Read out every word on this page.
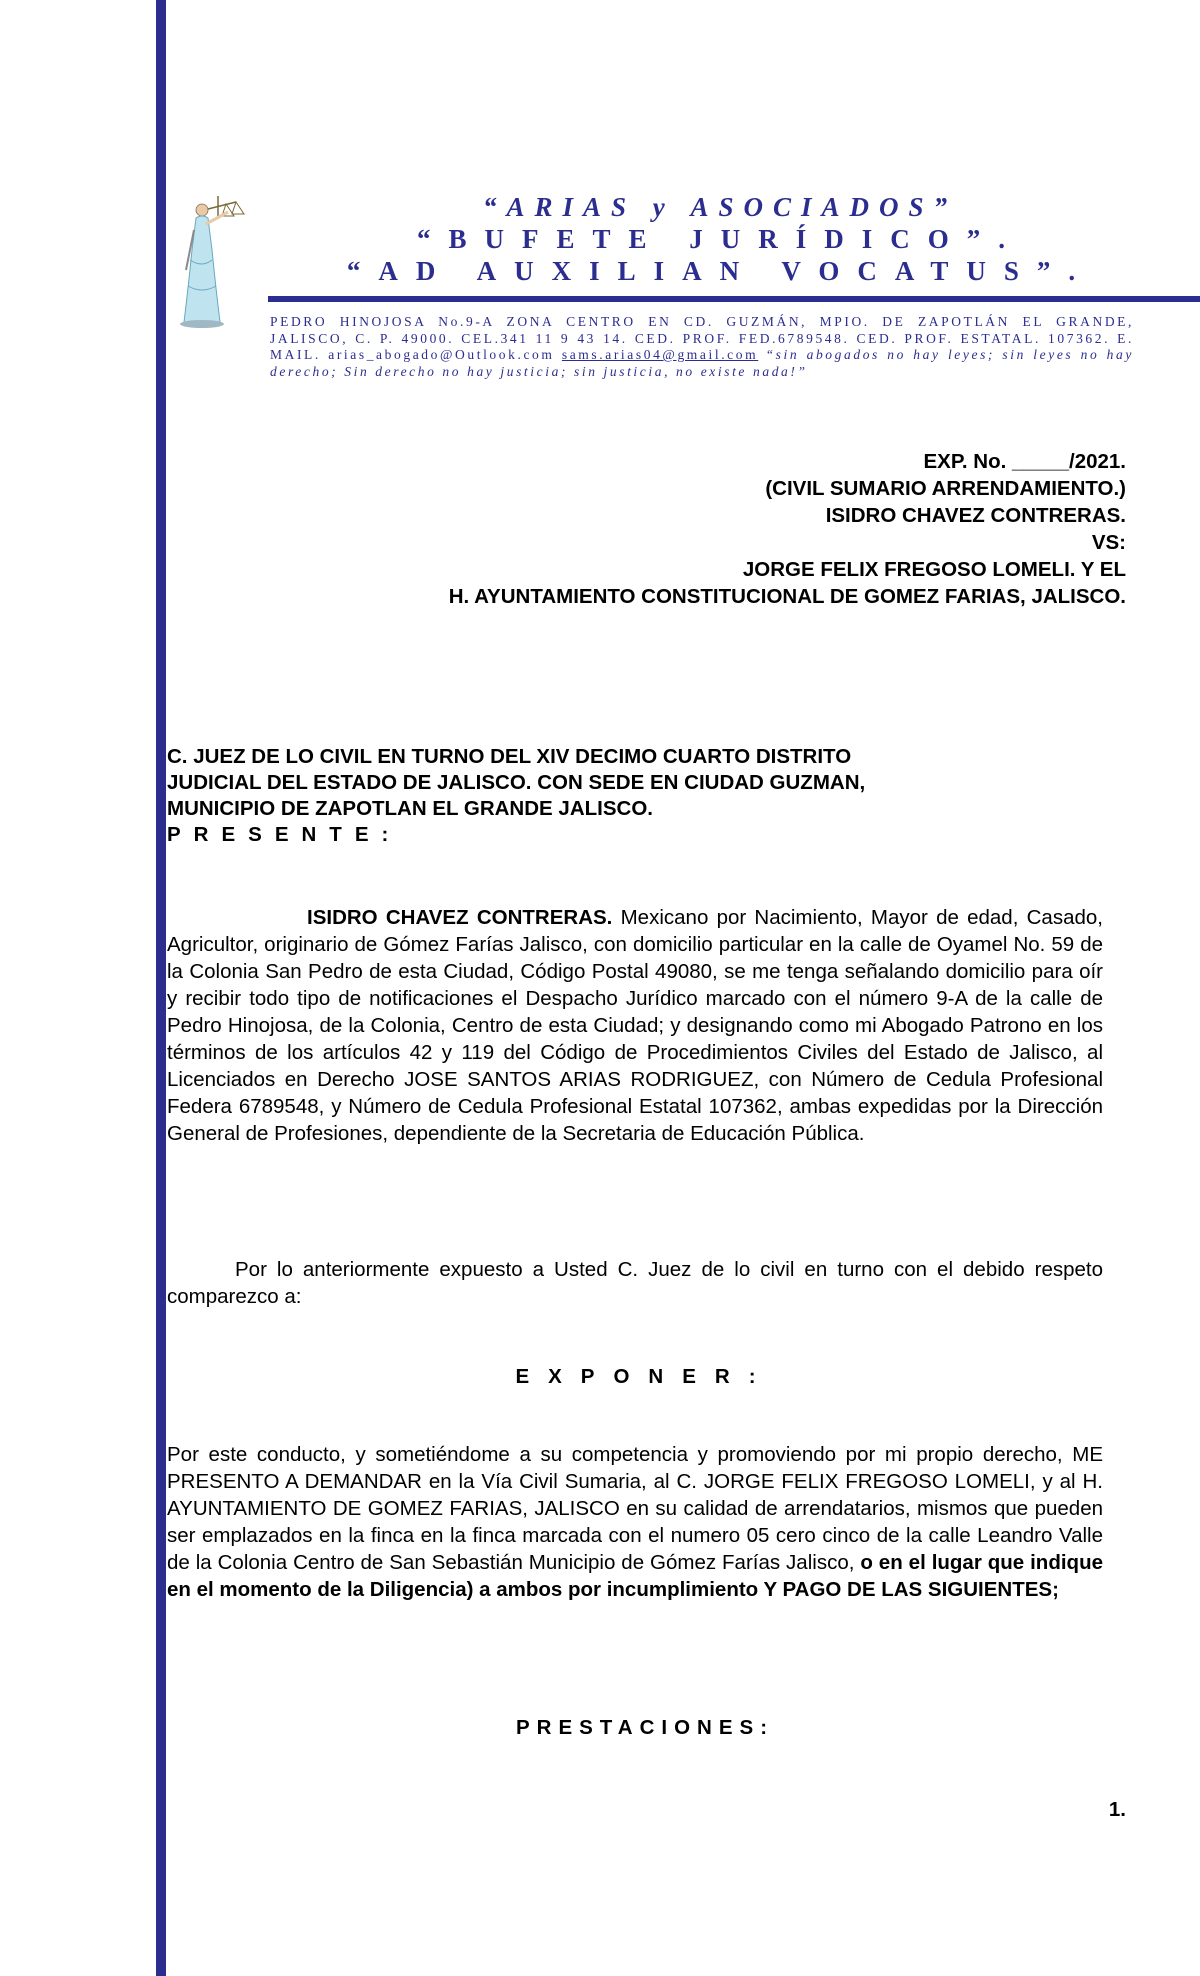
“ARIAS y ASOCIADOS”
“BUFETE JURÍDICO”.
“AD AUXILIAN VOCATUS”.
PEDRO HINOJOSA No.9-A ZONA CENTRO EN CD. GUZMÁN, MPIO. DE ZAPOTLÁN EL GRANDE, JALISCO, C. P. 49000. CEL.341 11 9 43 14. CED. PROF. FED.6789548. CED. PROF. ESTATAL. 107362. E. MAIL. arias_abogado@Outlook.com sams.arias04@gmail.com “sin abogados no hay leyes; sin leyes no hay derecho; Sin derecho no hay justicia; sin justicia, no existe nada!”
EXP. No. _____/2021.
(CIVIL SUMARIO ARRENDAMIENTO.)
ISIDRO CHAVEZ CONTRERAS.
VS:
JORGE FELIX FREGOSO LOMELI. Y EL
H. AYUNTAMIENTO CONSTITUCIONAL DE GOMEZ FARIAS, JALISCO.
C. JUEZ DE LO CIVIL EN TURNO DEL XIV DECIMO CUARTO DISTRITO
JUDICIAL DEL ESTADO DE JALISCO. CON SEDE EN CIUDAD GUZMAN,
MUNICIPIO DE ZAPOTLAN EL GRANDE JALISCO.
PRESENTE:
ISIDRO CHAVEZ CONTRERAS. Mexicano por Nacimiento, Mayor de edad, Casado, Agricultor, originario de Gómez Farías Jalisco, con domicilio particular en la calle de Oyamel No. 59 de la Colonia San Pedro de esta Ciudad, Código Postal 49080, se me tenga señalando domicilio para oír y recibir todo tipo de notificaciones el Despacho Jurídico marcado con el número 9-A de la calle de Pedro Hinojosa, de la Colonia, Centro de esta Ciudad; y designando como mi Abogado Patrono en los términos de los artículos 42 y 119 del Código de Procedimientos Civiles del Estado de Jalisco, al Licenciados en Derecho JOSE SANTOS ARIAS RODRIGUEZ, con Número de Cedula Profesional Federa 6789548, y Número de Cedula Profesional Estatal 107362, ambas expedidas por la Dirección General de Profesiones, dependiente de la Secretaria de Educación Pública.
Por lo anteriormente expuesto a Usted C. Juez de lo civil en turno con el debido respeto comparezco a:
EXPONER:
Por este conducto, y sometiéndome a su competencia y promoviendo por mi propio derecho, ME PRESENTO A DEMANDAR en la Vía Civil Sumaria, al C. JORGE FELIX FREGOSO LOMELI, y al H. AYUNTAMIENTO DE GOMEZ FARIAS, JALISCO en su calidad de arrendatarios, mismos que pueden ser emplazados en la finca en la finca marcada con el numero 05 cero cinco de la calle Leandro Valle de la Colonia Centro de San Sebastián Municipio de Gómez Farías Jalisco, o en el lugar que indique en el momento de la Diligencia) a ambos por incumplimiento Y PAGO DE LAS SIGUIENTES;
PRESTACIONES:
1.
